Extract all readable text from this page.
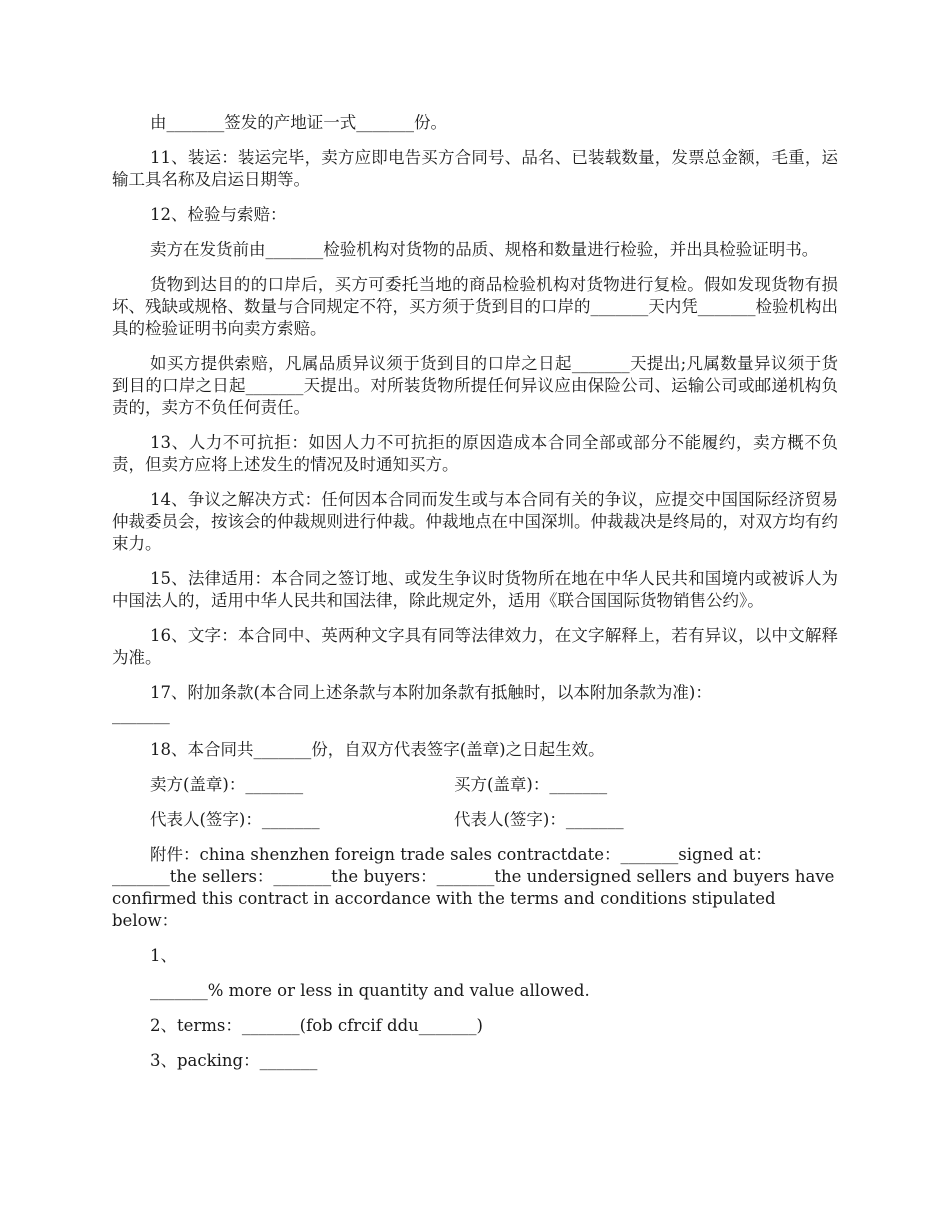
由_______签发的产地证一式_______份。

11、装运：装运完毕，卖方应即电告买方合同号、品名、已装载数量，发票总金额，毛重，运输工具名称及启运日期等。

12、检验与索赔：

卖方在发货前由_______检验机构对货物的品质、规格和数量进行检验，并出具检验证明书。

货物到达目的的口岸后，买方可委托当地的商品检验机构对货物进行复检。假如发现货物有损坏、残缺或规格、数量与合同规定不符，买方须于货到目的口岸的_______天内凭_______检验机构出具的检验证明书向卖方索赔。

如买方提供索赔，凡属品质异议须于货到目的口岸之日起_______天提出;凡属数量异议须于货到目的口岸之日起_______天提出。对所装货物所提任何异议应由保险公司、运输公司或邮递机构负责的，卖方不负任何责任。

13、人力不可抗拒：如因人力不可抗拒的原因造成本合同全部或部分不能履约，卖方概不负责，但卖方应将上述发生的情况及时通知买方。

14、争议之解决方式：任何因本合同而发生或与本合同有关的争议，应提交中国国际经济贸易仲裁委员会，按该会的仲裁规则进行仲裁。仲裁地点在中国深圳。仲裁裁决是终局的，对双方均有约束力。

15、法律适用：本合同之签订地、或发生争议时货物所在地在中华人民共和国境内或被诉人为中国法人的，适用中华人民共和国法律，除此规定外，适用《联合国国际货物销售公约》。

16、文字：本合同中、英两种文字具有同等法律效力，在文字解释上，若有异议，以中文解释为准。

17、附加条款(本合同上述条款与本附加条款有抵触时，以本附加条款为准)：
_______

18、本合同共_______份，自双方代表签字(盖章)之日起生效。

卖方(盖章)：_______	买方(盖章)：_______
代表人(签字)：_______	代表人(签字)：_______

附件：china shenzhen foreign trade sales contractdate：_______signed at：_______the sellers：_______the buyers：_______the undersigned sellers and buyers have confirmed this contract in accordance with the terms and conditions stipulated below：

1、

_______% more or less in quantity and value allowed.

2、terms：_______(fob cfrcif ddu_______)

3、packing：_______
